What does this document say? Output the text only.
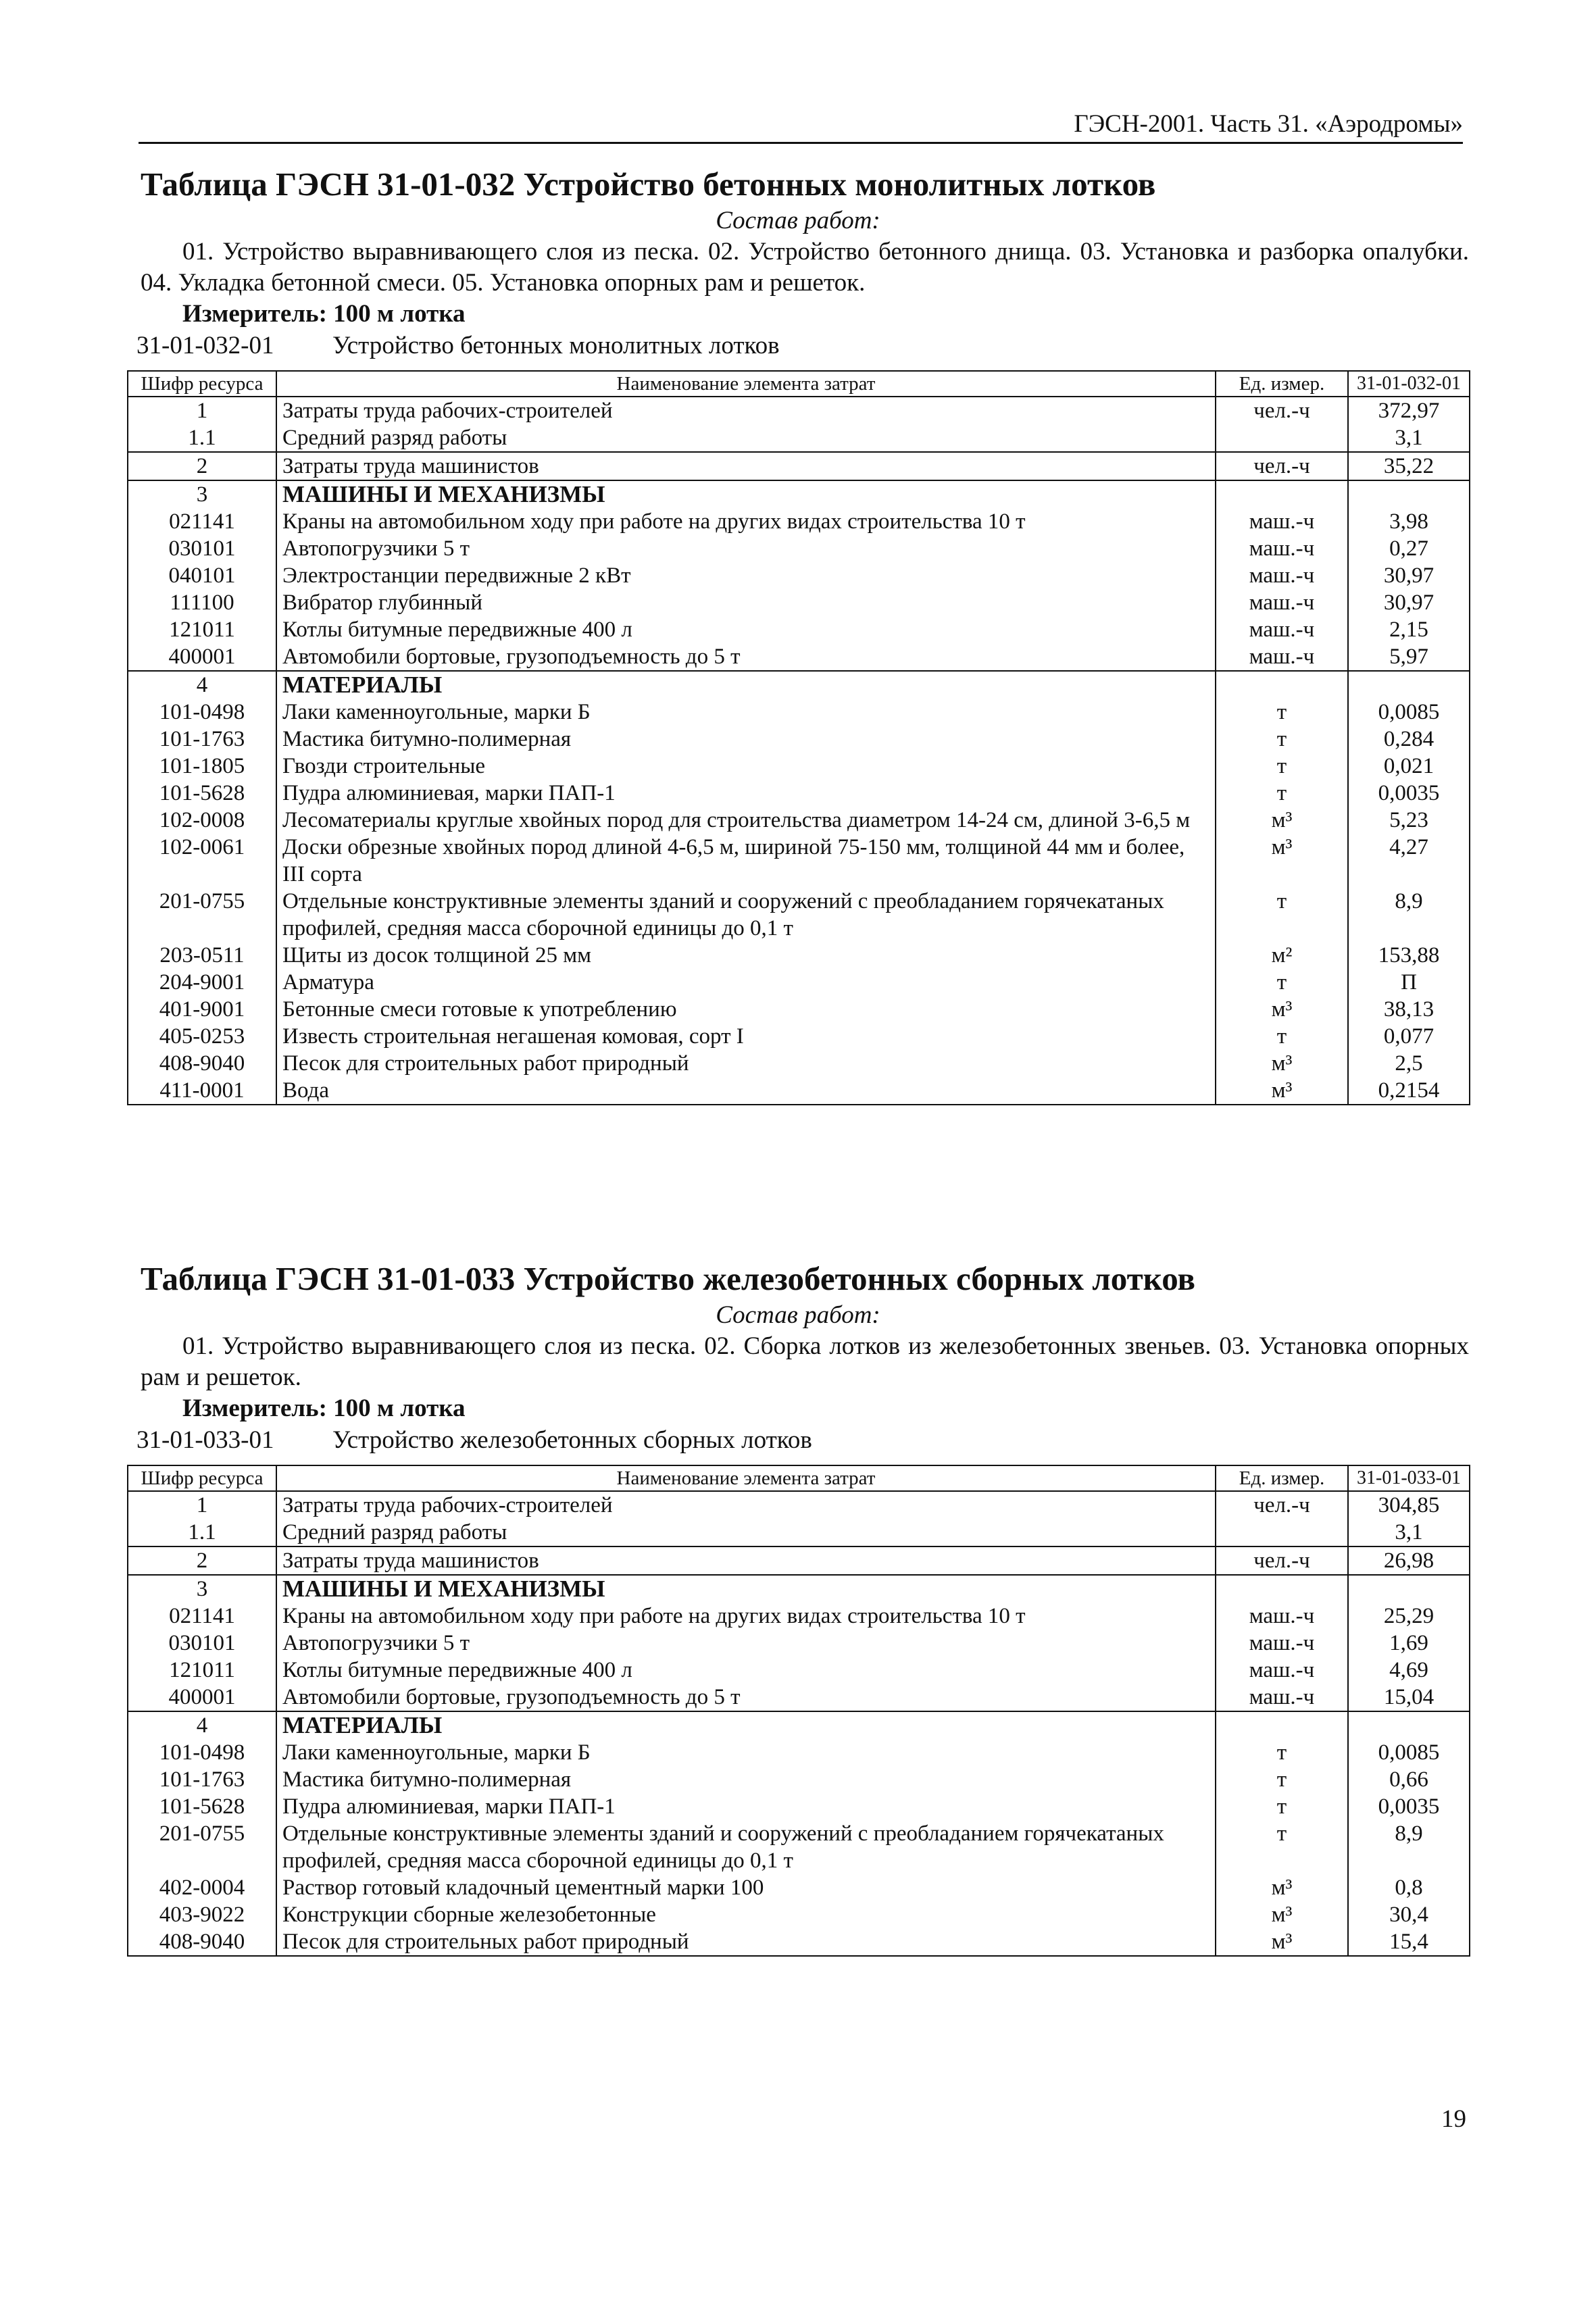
ГЭСН-2001. Часть 31. «Аэродромы»
Таблица ГЭСН 31-01-032 Устройство бетонных монолитных лотков
Состав работ:
01. Устройство выравнивающего слоя из песка. 02. Устройство бетонного днища. 03. Установка и разборка опалубки. 04. Укладка бетонной смеси. 05. Установка опорных рам и решеток.
Измеритель: 100 м лотка
31-01-032-01 Устройство бетонных монолитных лотков
Шифр ресурса	Наименование элемента затрат	Ед. измер.	31-01-032-01
1	Затраты труда рабочих-строителей	чел.-ч	372,97
1.1	Средний разряд работы		3,1
2	Затраты труда машинистов	чел.-ч	35,22
3	МАШИНЫ И МЕХАНИЗМЫ		
021141	Краны на автомобильном ходу при работе на других видах строительства 10 т	маш.-ч	3,98
030101	Автопогрузчики 5 т	маш.-ч	0,27
040101	Электростанции передвижные 2 кВт	маш.-ч	30,97
111100	Вибратор глубинный	маш.-ч	30,97
121011	Котлы битумные передвижные 400 л	маш.-ч	2,15
400001	Автомобили бортовые, грузоподъемность до 5 т	маш.-ч	5,97
4	МАТЕРИАЛЫ		
101-0498	Лаки каменноугольные, марки Б	т	0,0085
101-1763	Мастика битумно-полимерная	т	0,284
101-1805	Гвозди строительные	т	0,021
101-5628	Пудра алюминиевая, марки ПАП-1	т	0,0035
102-0008	Лесоматериалы круглые хвойных пород для строительства диаметром 14-24 см, длиной 3-6,5 м	м³	5,23
102-0061	Доски обрезные хвойных пород длиной 4-6,5 м, шириной 75-150 мм, толщиной 44 мм и более, III сорта	м³	4,27
201-0755	Отдельные конструктивные элементы зданий и сооружений с преобладанием горячекатаных профилей, средняя масса сборочной единицы до 0,1 т	т	8,9
203-0511	Щиты из досок толщиной 25 мм	м²	153,88
204-9001	Арматура	т	П
401-9001	Бетонные смеси готовые к употреблению	м³	38,13
405-0253	Известь строительная негашеная комовая, сорт I	т	0,077
408-9040	Песок для строительных работ природный	м³	2,5
411-0001	Вода	м³	0,2154
Таблица ГЭСН 31-01-033 Устройство железобетонных сборных лотков
Состав работ:
01. Устройство выравнивающего слоя из песка. 02. Сборка лотков из железобетонных звеньев. 03. Установка опорных рам и решеток.
Измеритель: 100 м лотка
31-01-033-01 Устройство железобетонных сборных лотков
Шифр ресурса	Наименование элемента затрат	Ед. измер.	31-01-033-01
1	Затраты труда рабочих-строителей	чел.-ч	304,85
1.1	Средний разряд работы		3,1
2	Затраты труда машинистов	чел.-ч	26,98
3	МАШИНЫ И МЕХАНИЗМЫ		
021141	Краны на автомобильном ходу при работе на других видах строительства 10 т	маш.-ч	25,29
030101	Автопогрузчики 5 т	маш.-ч	1,69
121011	Котлы битумные передвижные 400 л	маш.-ч	4,69
400001	Автомобили бортовые, грузоподъемность до 5 т	маш.-ч	15,04
4	МАТЕРИАЛЫ		
101-0498	Лаки каменноугольные, марки Б	т	0,0085
101-1763	Мастика битумно-полимерная	т	0,66
101-5628	Пудра алюминиевая, марки ПАП-1	т	0,0035
201-0755	Отдельные конструктивные элементы зданий и сооружений с преобладанием горячекатаных профилей, средняя масса сборочной единицы до 0,1 т	т	8,9
402-0004	Раствор готовый кладочный цементный марки 100	м³	0,8
403-9022	Конструкции сборные железобетонные	м³	30,4
408-9040	Песок для строительных работ природный	м³	15,4
19
